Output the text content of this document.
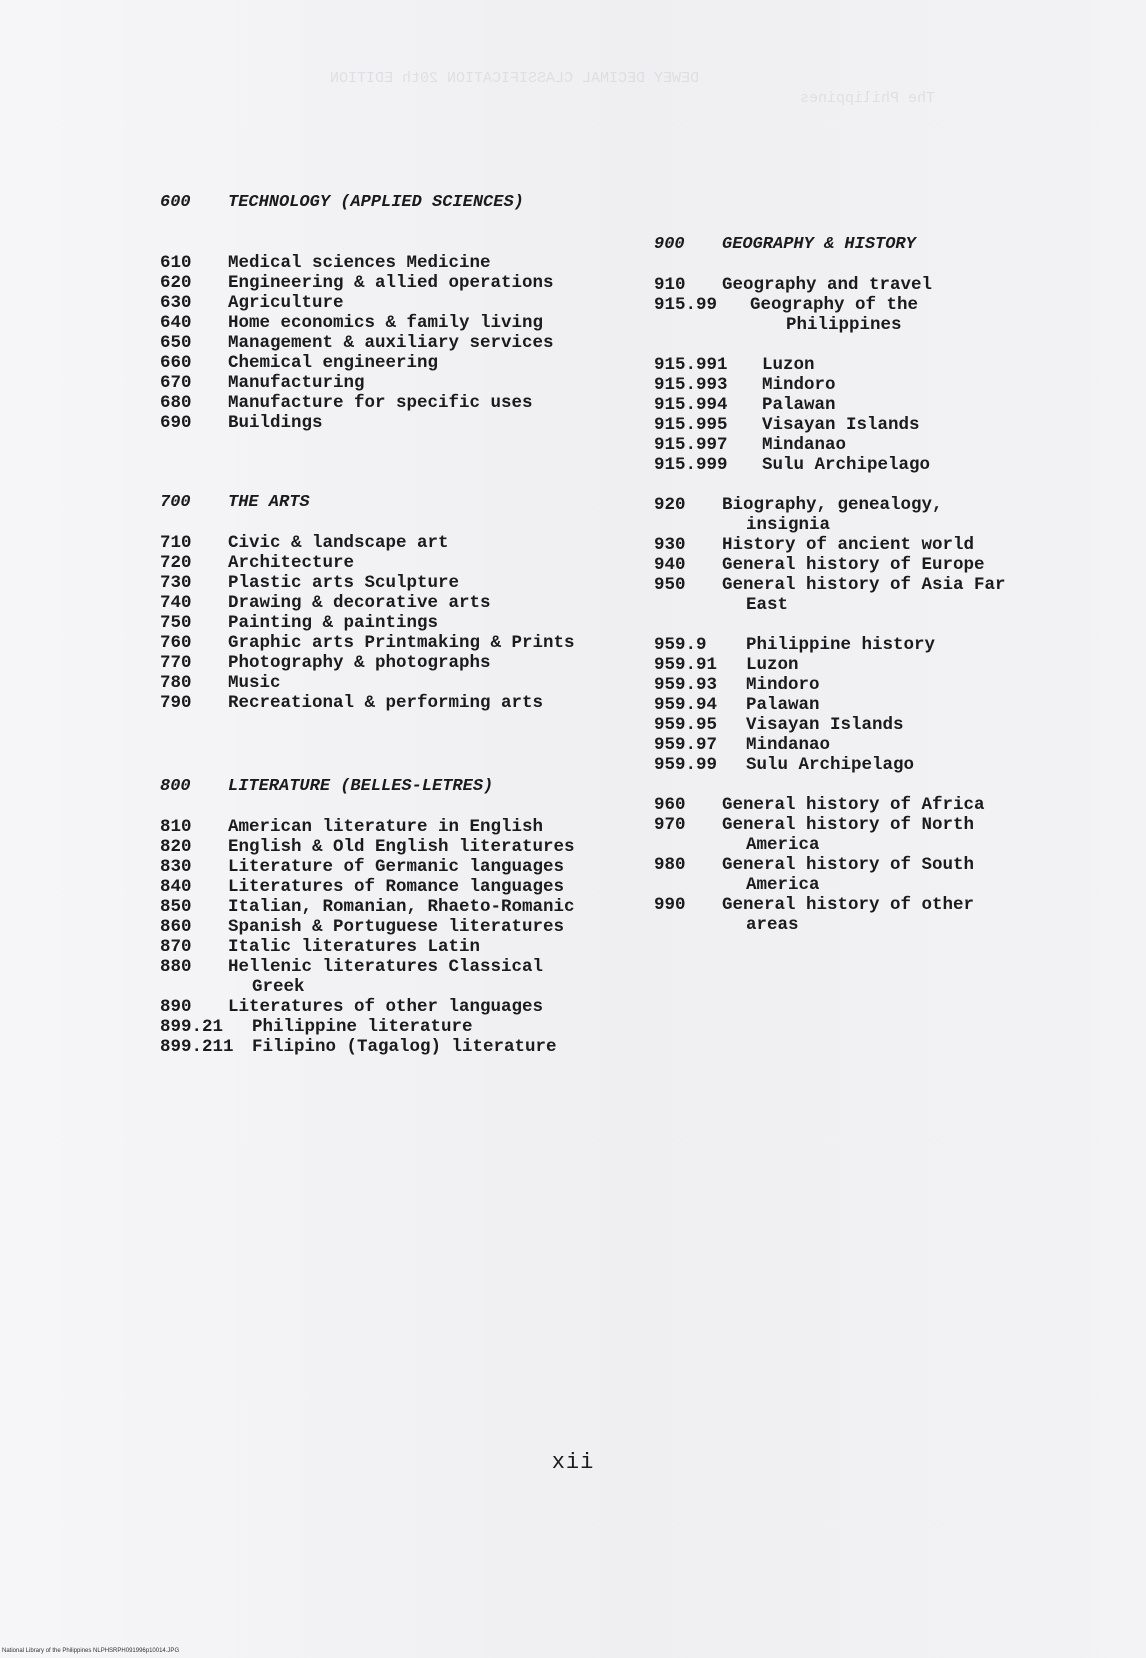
DEWEY DECIMAL CLASSIFICATION 20th EDITION
The Philippines
600 TECHNOLOGY (APPLIED SCIENCES)
610 Medical sciences Medicine
620 Engineering & allied operations
630 Agriculture
640 Home economics & family living
650 Management & auxiliary services
660 Chemical engineering
670 Manufacturing
680 Manufacture for specific uses
690 Buildings
700 THE ARTS
710 Civic & landscape art
720 Architecture
730 Plastic arts Sculpture
740 Drawing & decorative arts
750 Painting & paintings
760 Graphic arts Printmaking & Prints
770 Photography & photographs
780 Music
790 Recreational & performing arts
800 LITERATURE (BELLES-LETRES)
810 American literature in English
820 English & Old English literatures
830 Literature of Germanic languages
840 Literatures of Romance languages
850 Italian, Romanian, Rhaeto-Romanic
860 Spanish & Portuguese literatures
870 Italic literatures Latin
880 Hellenic literatures Classical Greek
890 Literatures of other languages
899.21 Philippine literature
899.211 Filipino (Tagalog) literature
900 GEOGRAPHY & HISTORY
910 Geography and travel
915.99 Geography of the Philippines
915.991 Luzon
915.993 Mindoro
915.994 Palawan
915.995 Visayan Islands
915.997 Mindanao
915.999 Sulu Archipelago
920 Biography, genealogy, insignia
930 History of ancient world
940 General history of Europe
950 General history of Asia Far East
959.9 Philippine history
959.91 Luzon
959.93 Mindoro
959.94 Palawan
959.95 Visayan Islands
959.97 Mindanao
959.99 Sulu Archipelago
960 General history of Africa
970 General history of North America
980 General history of South America
990 General history of other areas
xii
National Library of the Philippines NLPHSRPH091996p10014.JPG
